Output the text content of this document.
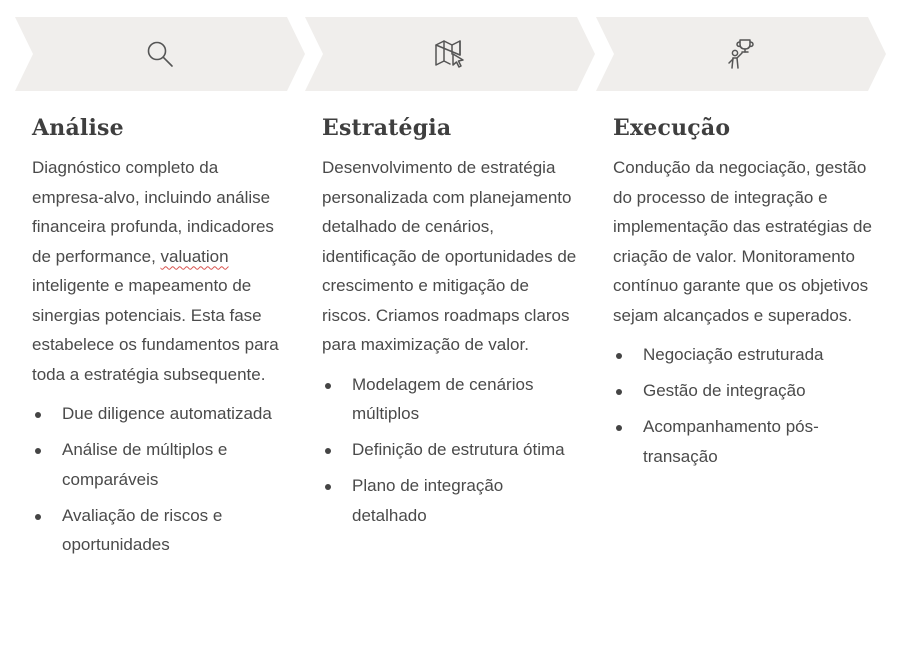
Análise

Diagnóstico completo da empresa-alvo, incluindo análise financeira profunda, indicadores de performance, valuation inteligente e mapeamento de sinergias potenciais. Esta fase estabelece os fundamentos para toda a estratégia subsequente.

Due diligence automatizada
Análise de múltiplos e comparáveis
Avaliação de riscos e oportunidades
Estratégia

Desenvolvimento de estratégia personalizada com planejamento detalhado de cenários, identificação de oportunidades de crescimento e mitigação de riscos. Criamos roadmaps claros para maximização de valor.

Modelagem de cenários múltiplos
Definição de estrutura ótima
Plano de integração detalhado
Execução

Condução da negociação, gestão do processo de integração e implementação das estratégias de criação de valor. Monitoramento contínuo garante que os objetivos sejam alcançados e superados.

Negociação estruturada
Gestão de integração
Acompanhamento pós-transação
